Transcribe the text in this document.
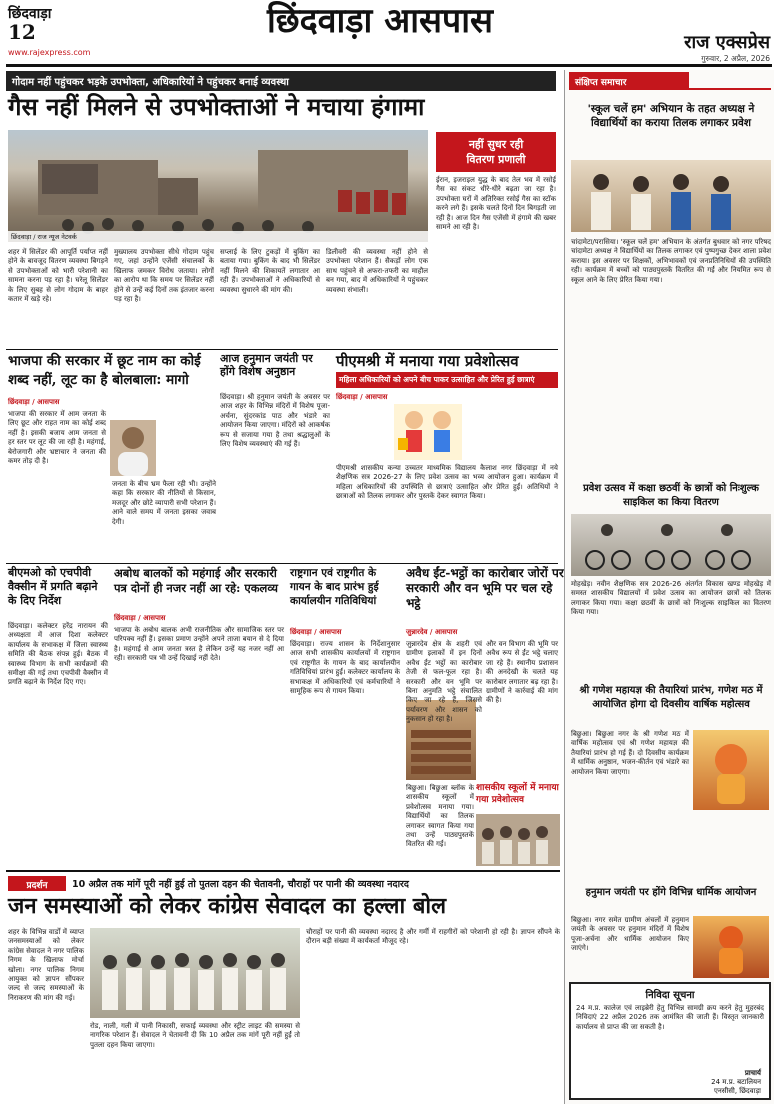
छिंदवाड़ा
12
www.rajexpress.com
छिंदवाड़ा आसपास
राज एक्सप्रेस
गुरुवार, 2 अप्रैल, 2026
गोदाम नहीं पहुंचकर भड़के उपभोक्ता, अधिकारियों ने पहुंचकर बनाई व्यवस्था
गैस नहीं मिलने से उपभोक्ताओं ने मचाया हंगामा
छिंदवाड़ा / राज न्यूज नेटवर्क
नहीं सुधर रही
वितरण प्रणाली
ईरान, इजराइल युद्ध के बाद तेल भव में रसोई गैस का संकट धीरे-धीरे बढ़ता जा रहा है। उपभोक्ता घरों में अतिरिक्त रसोई गैस का स्टॉक करने लगे हैं। इसके चलते दिनों दिन बिगड़ती जा रही है। आज दिन गैस एजेंसी में हंगामे की खबर सामने आ रही है।
शहर में सिलेंडर की आपूर्ति पर्याप्त नहीं होने के बावजूद वितरण व्यवस्था बिगड़ने से उपभोक्ताओं को भारी परेशानी का सामना करना पड़ रहा है। घरेलू सिलेंडर के लिए सुबह से लोग गोदाम के बाहर कतार में खड़े रहे।
मुख्यालय उपभोक्ता सीधे गोदाम पहुंच गए, जहां उन्होंने एजेंसी संचालकों के खिलाफ जमकर विरोध जताया। लोगों का आरोप था कि समय पर सिलेंडर नहीं होने से उन्हें कई दिनों तक इंतजार करना पड़ रहा है।
सप्लाई के लिए टुकड़ों में बुकिंग का बताया गया। बुकिंग के बाद भी सिलेंडर नहीं मिलने की शिकायतें लगातार आ रही हैं। उपभोक्ताओं ने अधिकारियों से व्यवस्था सुधारने की मांग की।
डिलीवरी की व्यवस्था नहीं होने से उपभोक्ता परेशान हैं। सैकड़ों लोग एक साथ पहुंचने से अफरा-तफरी का माहौल बन गया, बाद में अधिकारियों ने पहुंचकर व्यवस्था संभाली।
भाजपा की सरकार में छूट नाम का कोई शब्द नहीं, लूट का है बोलबाला: मागो
छिंदवाड़ा / आसपास
भाजपा की सरकार में आम जनता के लिए छूट और राहत नाम का कोई शब्द नहीं है। इसकी बजाय आम जनता से हर स्तर पर लूट की जा रही है। महंगाई, बेरोजगारी और भ्रष्टाचार ने जनता की कमर तोड़ दी है।
जनता के बीच भ्रम फैला रही भी। उन्होंने कहा कि सरकार की नीतियों से किसान, मजदूर और छोटे व्यापारी सभी परेशान हैं। आने वाले समय में जनता इसका जवाब देगी।
आज हनुमान जयंती पर होंगे विशेष अनुष्ठान
छिंदवाड़ा। श्री हनुमान जयंती के अवसर पर आज शहर के विभिन्न मंदिरों में विशेष पूजा-अर्चना, सुंदरकांड पाठ और भंडारे का आयोजन किया जाएगा। मंदिरों को आकर्षक रूप से सजाया गया है तथा श्रद्धालुओं के लिए विशेष व्यवस्थाएं की गई हैं।
पीएमश्री में मनाया गया प्रवेशोत्सव
महिला अधिकारियों को अपने बीच पाकर उत्साहित और प्रेरित हुई छात्राएं
छिंदवाड़ा / आसपास
पीएमश्री शासकीय कन्या उच्चतर माध्यमिक विद्यालय कैलाश नगर छिंदवाड़ा में नये शैक्षणिक सत्र 2026-27 के लिए प्रवेश उत्सव का भव्य आयोजन हुआ। कार्यक्रम में महिला अधिकारियों की उपस्थिति से छात्राएं उत्साहित और प्रेरित हुईं। अतिथियों ने छात्राओं को तिलक लगाकर और पुस्तकें देकर स्वागत किया।
बीएमओ को एचपीवी वैक्सीन में प्रगति बढ़ाने के दिए निर्देश
छिंदवाड़ा। कलेक्टर हरेंद्र नारायन की अध्यक्षता में आज दिशा कलेक्टर कार्यालय के सभाकक्ष में जिला स्वास्थ्य समिति की बैठक संपन्न हुई। बैठक में स्वास्थ्य विभाग के सभी कार्यक्रमों की समीक्षा की गई तथा एचपीवी वैक्सीन में प्रगति बढ़ाने के निर्देश दिए गए।
अबोध बालकों को महंगाई और सरकारी पत्र दोनों ही नजर नहीं आ रहे: एकलव्य
छिंदवाड़ा / आसपास
भाजपा के अबोध बालक अभी राजनीतिक और सामाजिक स्तर पर परिपक्व नहीं हैं। इसका प्रमाण उन्होंने अपने ताजा बयान से दे दिया है। महंगाई से आम जनता त्रस्त है लेकिन उन्हें यह नजर नहीं आ रही। सरकारी पत्र भी उन्हें दिखाई नहीं देते।
राष्ट्रगान एवं राष्ट्रगीत के गायन के बाद प्रारंभ हुई कार्यालयीन गतिविधियां
छिंदवाड़ा / आसपास
छिंदवाड़ा। राज्य शासन के निर्देशानुसार आज सभी शासकीय कार्यालयों में राष्ट्रगान एवं राष्ट्रगीत के गायन के बाद कार्यालयीन गतिविधियां प्रारंभ हुईं। कलेक्टर कार्यालय के सभाकक्ष में अधिकारियों एवं कर्मचारियों ने सामूहिक रूप से गायन किया।
अवैध ईंट-भट्ठों का कारोबार जोरों पर सरकारी और वन भूमि पर चल रहे भट्ठे
जुन्नारदेव / आसपास
जुन्नारदेव क्षेत्र के शहरी एवं ग्रामीण इलाकों में इन दिनों अवैध ईंट भट्ठों का कारोबार तेजी से फल-फूल रहा है। सरकारी और वन भूमि पर बिना अनुमति भट्ठे संचालित किए जा रहे हैं, जिससे पर्यावरण और शासन को नुकसान हो रहा है।
और वन विभाग की भूमि पर अवैध रूप से ईंट भट्ठे चलाए जा रहे हैं। स्थानीय प्रशासन की अनदेखी के चलते यह कारोबार लगातार बढ़ रहा है। ग्रामीणों ने कार्रवाई की मांग की है।
शासकीय स्कूलों में मनाया गया प्रवेशोत्सव
बिछुआ। बिछुआ ब्लॉक के शासकीय स्कूलों में प्रवेशोत्सव मनाया गया। विद्यार्थियों का तिलक लगाकर स्वागत किया गया तथा उन्हें पाठ्यपुस्तकें वितरित की गईं।
प्रदर्शन	10 अप्रैल तक मांगें पूरी नहीं हुई तो पुतला दहन की चेतावनी, चौराहों पर पानी की व्यवस्था नदारद
जन समस्याओं को लेकर कांग्रेस सेवादल का हल्ला बोल
शहर के विभिन्न वार्डों में व्याप्त जनसमस्याओं को लेकर कांग्रेस सेवादल ने नगर पालिक निगम के खिलाफ मोर्चा खोला। नगर पालिक निगम आयुक्त को ज्ञापन सौंपकर जल्द से जल्द समस्याओं के निराकरण की मांग की गई।
रोड, नाली, गली में पानी निकासी, सफाई व्यवस्था और स्ट्रीट लाइट की समस्या से नागरिक परेशान हैं। सेवादल ने चेतावनी दी कि 10 अप्रैल तक मांगें पूरी नहीं हुईं तो पुतला दहन किया जाएगा।
चौराहों पर पानी की व्यवस्था नदारद है और गर्मी में राहगीरों को परेशानी हो रही है। ज्ञापन सौंपने के दौरान बड़ी संख्या में कार्यकर्ता मौजूद रहे।
संक्षिप्त समाचार
'स्कूल चलें हम' अभियान के तहत अध्यक्ष ने विद्यार्थियों का कराया तिलक लगाकर प्रवेश
चांदामेटा/परासिया। 'स्कूल चलें हम' अभियान के अंतर्गत बुधवार को नगर परिषद चांदामेटा अध्यक्ष ने विद्यार्थियों का तिलक लगाकर एवं पुष्पगुच्छ देकर शाला प्रवेश कराया। इस अवसर पर शिक्षकों, अभिभावकों एवं जनप्रतिनिधियों की उपस्थिति रही। कार्यक्रम में बच्चों को पाठ्यपुस्तकें वितरित की गईं और नियमित रूप से स्कूल आने के लिए प्रेरित किया गया।
प्रवेश उत्सव में कक्षा छठवीं के छात्रों को निःशुल्क साइकिल का किया वितरण
मोहखेड़। नवीन शैक्षणिक सत्र 2026-26 अंतर्गत विकास खण्ड मोहखेड़ में समस्त शासकीय विद्यालयों में प्रवेश उत्सव का आयोजन छात्रों को तिलक लगाकर किया गया। कक्षा छठवीं के छात्रों को निःशुल्क साइकिल का वितरण किया गया।
श्री गणेश महायज्ञ की तैयारियां प्रारंभ, गणेश मठ में आयोजित होगा दो दिवसीय वार्षिक महोत्सव
बिछुआ। बिछुआ नगर के श्री गणेश मठ में वार्षिक महोत्सव एवं श्री गणेश महायज्ञ की तैयारियां प्रारंभ हो गई हैं। दो दिवसीय कार्यक्रम में धार्मिक अनुष्ठान, भजन-कीर्तन एवं भंडारे का आयोजन किया जाएगा।
हनुमान जयंती पर होंगे विभिन्न धार्मिक आयोजन
बिछुआ। नगर समेत ग्रामीण अंचलों में हनुमान जयंती के अवसर पर हनुमान मंदिरों में विशेष पूजा-अर्चना और धार्मिक आयोजन किए जाएंगे।
निविदा सूचना
24 म.प्र. कालेज एवं लाइब्रेरी हेतु विभिन्न सामग्री क्रय करने हेतु मुहरबंद निविदाएं 22 अप्रैल 2026 तक आमंत्रित की जाती हैं। विस्तृत जानकारी कार्यालय से प्राप्त की जा सकती है।
प्राचार्य
24 म.प्र. बटालियन
एनसीसी, छिंदवाड़ा
